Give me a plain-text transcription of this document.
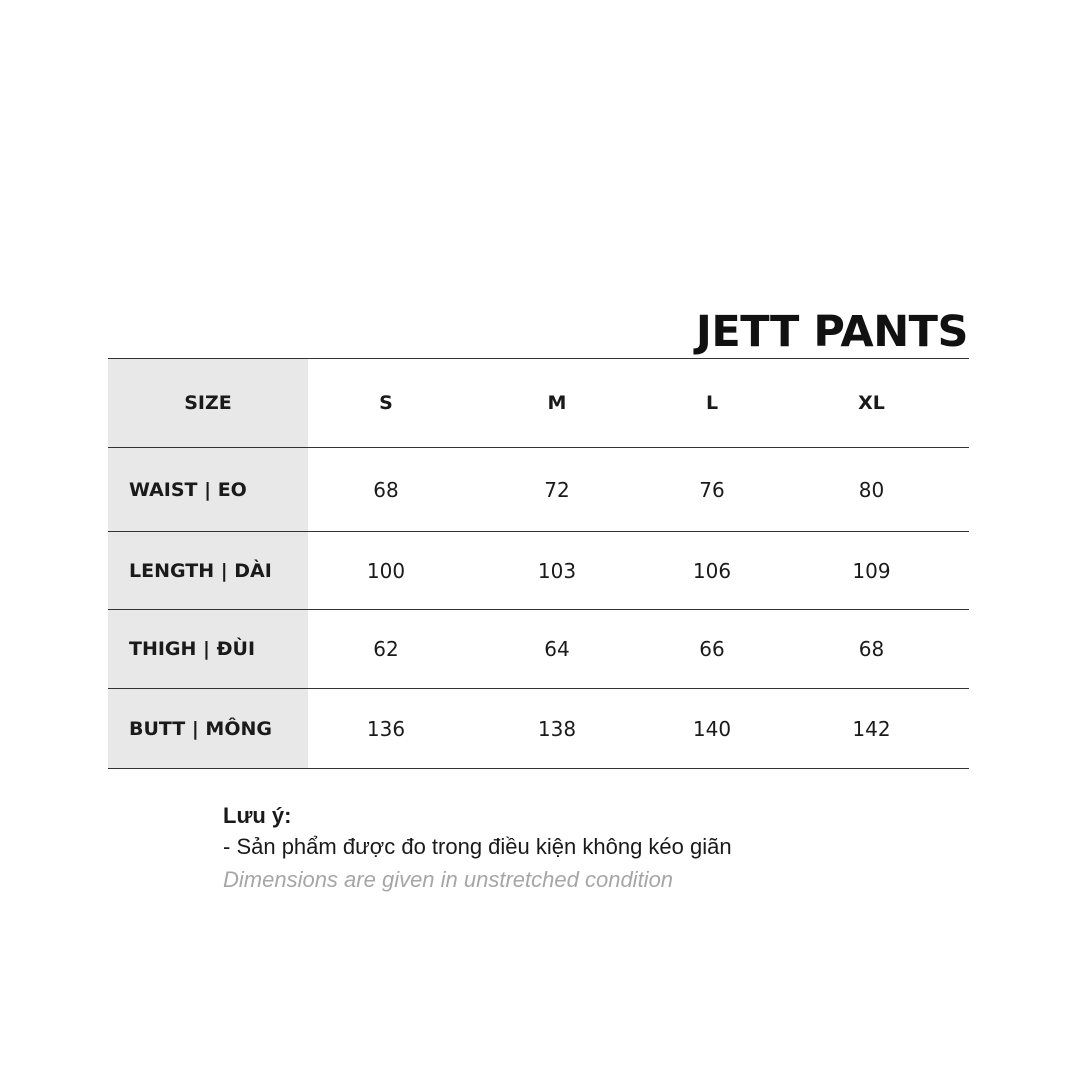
JETT PANTS
SIZE	S	M	L	XL
WAIST | EO	68	72	76	80
LENGTH | DÀI	100	103	106	109
THIGH | ĐÙI	62	64	66	68
BUTT | MÔNG	136	138	140	142
Lưu ý:
- Sản phẩm được đo trong điều kiện không kéo giãn
Dimensions are given in unstretched condition
